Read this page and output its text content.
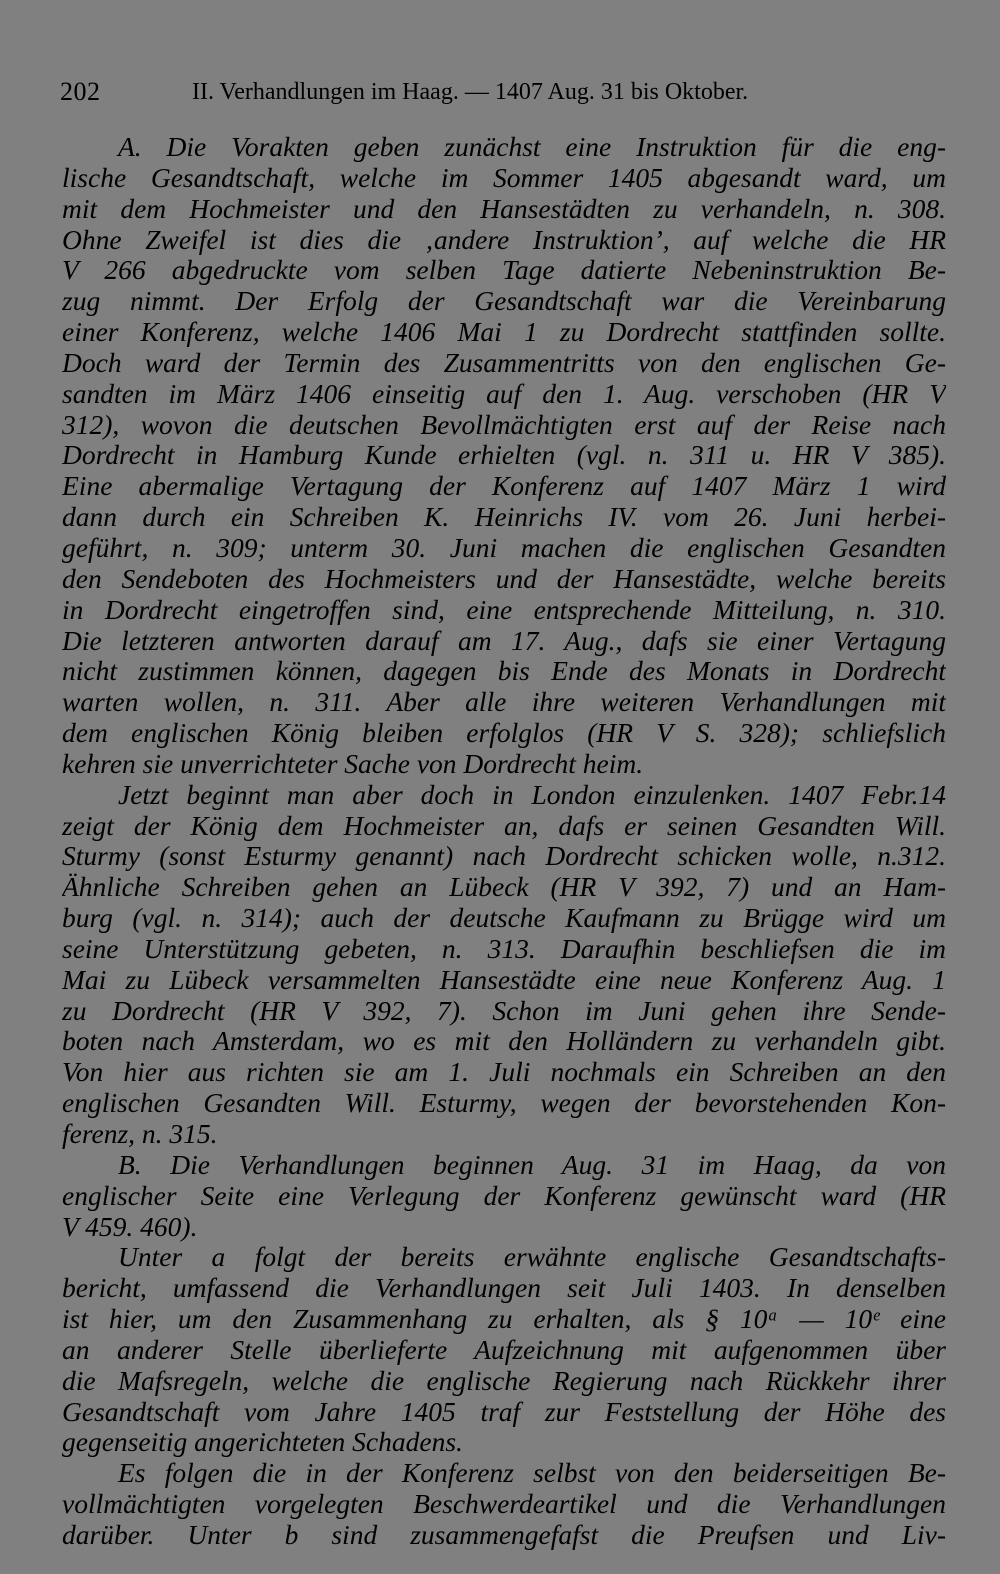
202	II. Verhandlungen im Haag. — 1407 Aug. 31 bis Oktober.
A. Die Vorakten geben zunächst eine Instruktion für die eng-
lische Gesandtschaft, welche im Sommer 1405 abgesandt ward, um
mit dem Hochmeister und den Hansestädten zu verhandeln, n. 308.
Ohne Zweifel ist dies die ‚andere Instruktion’, auf welche die HR
V 266 abgedruckte vom selben Tage datierte Nebeninstruktion Be-
zug nimmt. Der Erfolg der Gesandtschaft war die Vereinbarung
einer Konferenz, welche 1406 Mai 1 zu Dordrecht stattfinden sollte.
Doch ward der Termin des Zusammentritts von den englischen Ge-
sandten im März 1406 einseitig auf den 1. Aug. verschoben (HR V
312), wovon die deutschen Bevollmächtigten erst auf der Reise nach
Dordrecht in Hamburg Kunde erhielten (vgl. n. 311 u. HR V 385).
Eine abermalige Vertagung der Konferenz auf 1407 März 1 wird
dann durch ein Schreiben K. Heinrichs IV. vom 26. Juni herbei-
geführt, n. 309; unterm 30. Juni machen die englischen Gesandten
den Sendeboten des Hochmeisters und der Hansestädte, welche bereits
in Dordrecht eingetroffen sind, eine entsprechende Mitteilung, n. 310.
Die letzteren antworten darauf am 17. Aug., dafs sie einer Vertagung
nicht zustimmen können, dagegen bis Ende des Monats in Dordrecht
warten wollen, n. 311. Aber alle ihre weiteren Verhandlungen mit
dem englischen König bleiben erfolglos (HR V S. 328); schliefslich
kehren sie unverrichteter Sache von Dordrecht heim.
Jetzt beginnt man aber doch in London einzulenken. 1407 Febr.14
zeigt der König dem Hochmeister an, dafs er seinen Gesandten Will.
Sturmy (sonst Esturmy genannt) nach Dordrecht schicken wolle, n.312.
Ähnliche Schreiben gehen an Lübeck (HR V 392, 7) und an Ham-
burg (vgl. n. 314); auch der deutsche Kaufmann zu Brügge wird um
seine Unterstützung gebeten, n. 313. Daraufhin beschliefsen die im
Mai zu Lübeck versammelten Hansestädte eine neue Konferenz Aug. 1
zu Dordrecht (HR V 392, 7). Schon im Juni gehen ihre Sende-
boten nach Amsterdam, wo es mit den Holländern zu verhandeln gibt.
Von hier aus richten sie am 1. Juli nochmals ein Schreiben an den
englischen Gesandten Will. Esturmy, wegen der bevorstehenden Kon-
ferenz, n. 315.
B. Die Verhandlungen beginnen Aug. 31 im Haag, da von
englischer Seite eine Verlegung der Konferenz gewünscht ward (HR
V 459. 460).
Unter a folgt der bereits erwähnte englische Gesandtschafts-
bericht, umfassend die Verhandlungen seit Juli 1403. In denselben
ist hier, um den Zusammenhang zu erhalten, als § 10ᵃ — 10ᵉ eine
an anderer Stelle überlieferte Aufzeichnung mit aufgenommen über
die Mafsregeln, welche die englische Regierung nach Rückkehr ihrer
Gesandtschaft vom Jahre 1405 traf zur Feststellung der Höhe des
gegenseitig angerichteten Schadens.
Es folgen die in der Konferenz selbst von den beiderseitigen Be-
vollmächtigten vorgelegten Beschwerdeartikel und die Verhandlungen
darüber. Unter b sind zusammengefafst die Preufsen und Liv-
